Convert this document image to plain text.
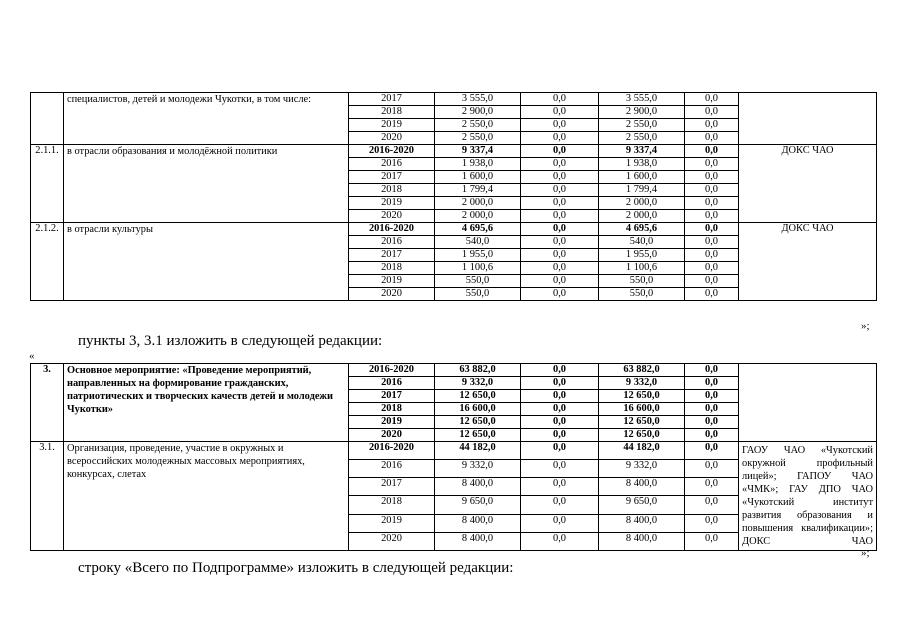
	специалистов, детей и молодежи Чукотки, в том числе:	2017	3 555,0	0,0	3 555,0	0,0	
		2018	2 900,0	0,0	2 900,0	0,0	
		2019	2 550,0	0,0	2 550,0	0,0	
		2020	2 550,0	0,0	2 550,0	0,0	
2.1.1.	в отрасли образования и молодёжной политики	2016-2020	9 337,4	0,0	9 337,4	0,0	ДОКС ЧАО
		2016	1 938,0	0,0	1 938,0	0,0	
		2017	1 600,0	0,0	1 600,0	0,0	
		2018	1 799,4	0,0	1 799,4	0,0	
		2019	2 000,0	0,0	2 000,0	0,0	
		2020	2 000,0	0,0	2 000,0	0,0	
2.1.2.	в отрасли культуры	2016-2020	4 695,6	0,0	4 695,6	0,0	ДОКС ЧАО
		2016	540,0	0,0	540,0	0,0	
		2017	1 955,0	0,0	1 955,0	0,0	
		2018	1 100,6	0,0	1 100,6	0,0	
		2019	550,0	0,0	550,0	0,0	
		2020	550,0	0,0	550,0	0,0	
»;
пункты 3, 3.1 изложить в следующей редакции:
«
3.	Основное мероприятие: «Проведение мероприятий, направленных на формирование гражданских, патриотических и творческих качеств детей и молодежи Чукотки»	2016-2020	63 882,0	0,0	63 882,0	0,0	
		2016	9 332,0	0,0	9 332,0	0,0	
		2017	12 650,0	0,0	12 650,0	0,0	
		2018	16 600,0	0,0	16 600,0	0,0	
		2019	12 650,0	0,0	12 650,0	0,0	
		2020	12 650,0	0,0	12 650,0	0,0	
3.1.	Организация, проведение, участие в окружных и всероссийских молодежных массовых мероприятиях, конкурсах, слетах	2016-2020	44 182,0	0,0	44 182,0	0,0	ГАОУ ЧАО «Чукотский окружной профильный лицей»; ГАПОУ ЧАО «ЧМК»; ГАУ ДПО ЧАО «Чукотский институт развития образования и повышения квалификации»; ДОКС ЧАО
		2016	9 332,0	0,0	9 332,0	0,0	
		2017	8 400,0	0,0	8 400,0	0,0	
		2018	9 650,0	0,0	9 650,0	0,0	
		2019	8 400,0	0,0	8 400,0	0,0	
		2020	8 400,0	0,0	8 400,0	0,0	
»;
строку «Всего по Подпрограмме» изложить в следующей редакции:
